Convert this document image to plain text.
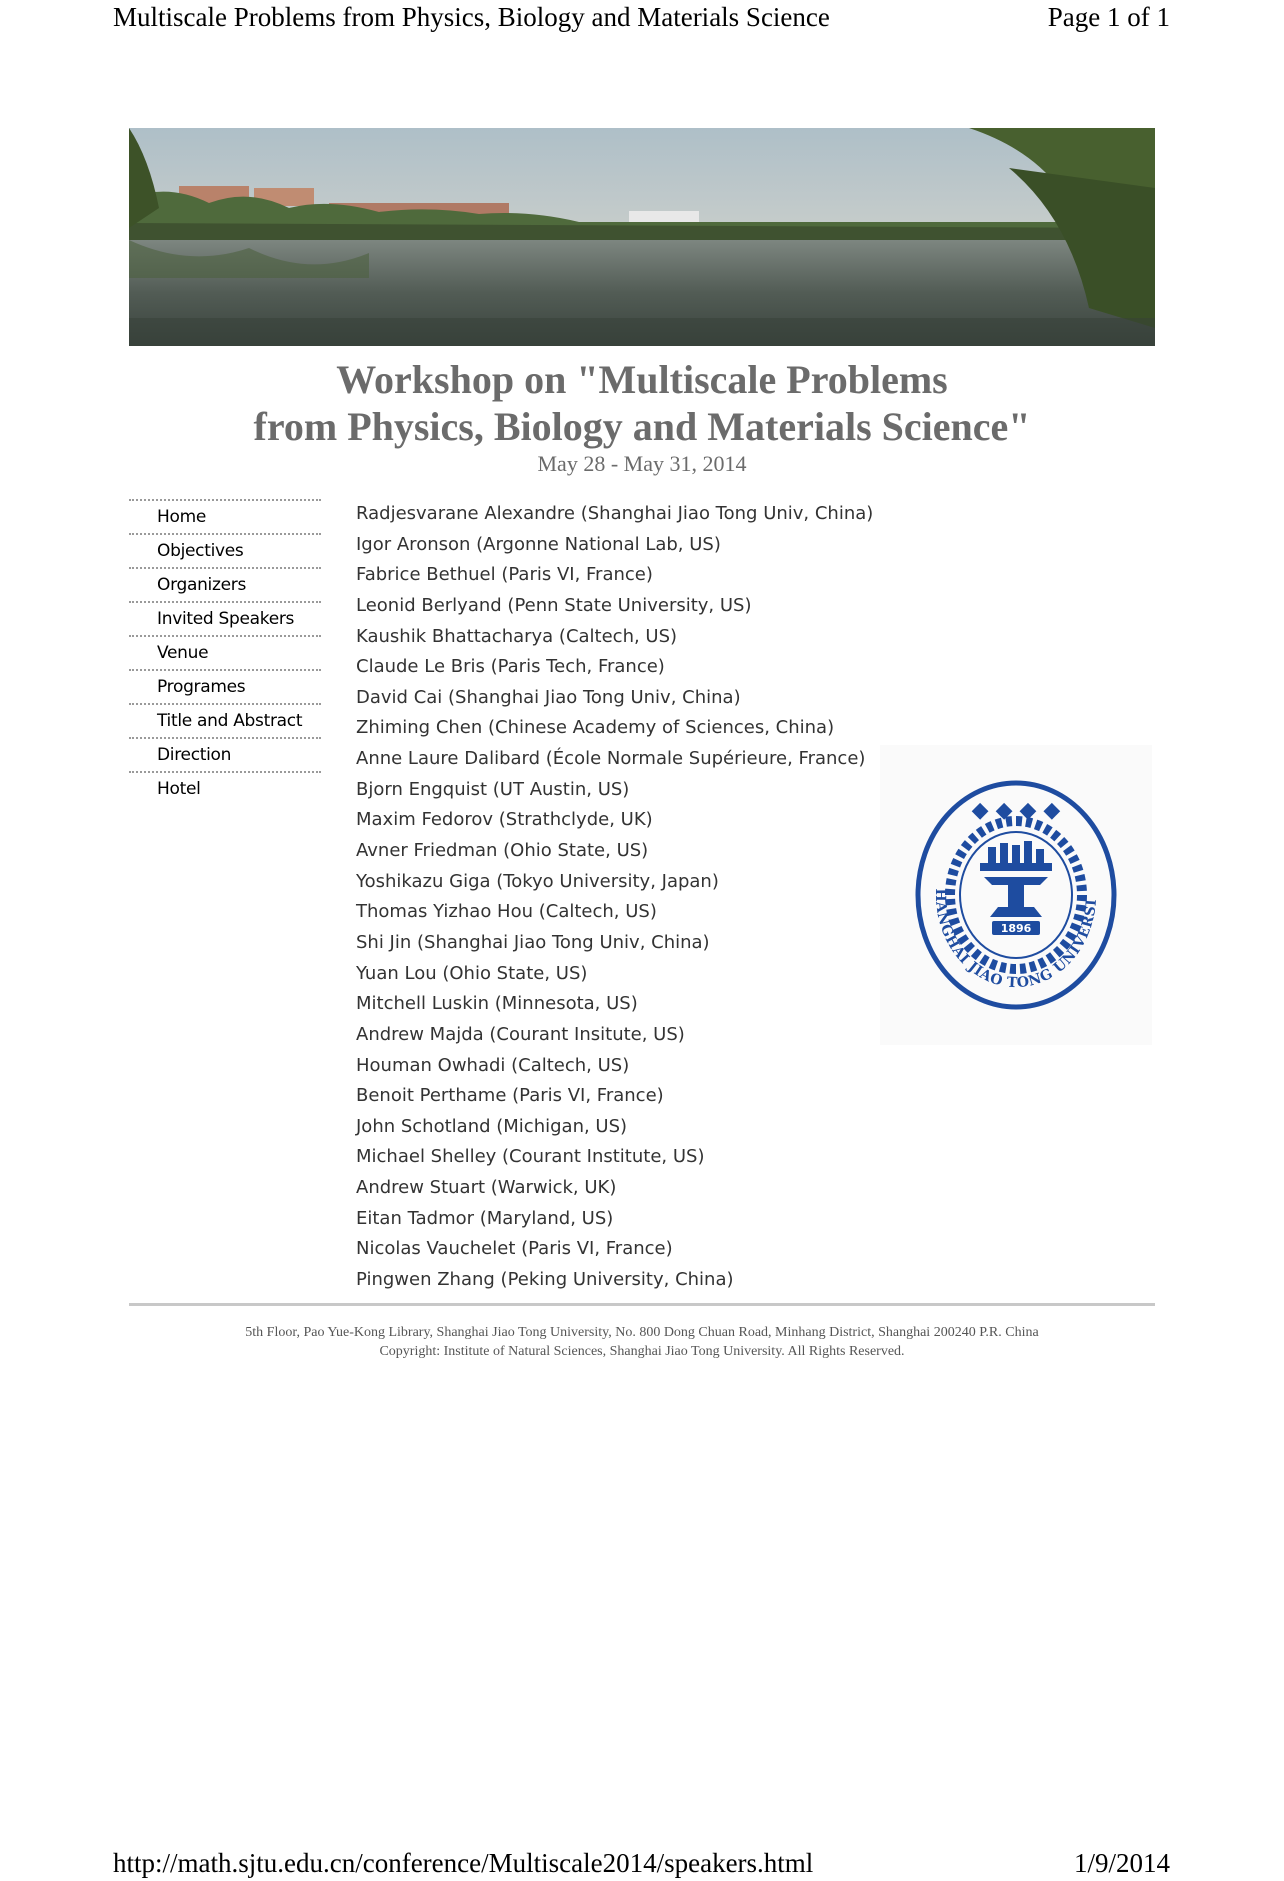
Multiscale Problems from Physics, Biology and Materials Science	Page 1 of 1
Workshop on "Multiscale Problems
from Physics, Biology and Materials Science"
May 28 - May 31, 2014
Home
Objectives
Organizers
Invited Speakers
Venue
Programes
Title and Abstract
Direction
Hotel
Radjesvarane Alexandre (Shanghai Jiao Tong Univ, China)
Igor Aronson (Argonne National Lab, US)
Fabrice Bethuel (Paris VI, France)
Leonid Berlyand (Penn State University, US)
Kaushik Bhattacharya (Caltech, US)
Claude Le Bris (Paris Tech, France)
David Cai (Shanghai Jiao Tong Univ, China)
Zhiming Chen (Chinese Academy of Sciences, China)
Anne Laure Dalibard (École Normale Supérieure, France)
Bjorn Engquist (UT Austin, US)
Maxim Fedorov (Strathclyde, UK)
Avner Friedman (Ohio State, US)
Yoshikazu Giga (Tokyo University, Japan)
Thomas Yizhao Hou (Caltech, US)
Shi Jin (Shanghai Jiao Tong Univ, China)
Yuan Lou (Ohio State, US)
Mitchell Luskin (Minnesota, US)
Andrew Majda (Courant Insitute, US)
Houman Owhadi (Caltech, US)
Benoit Perthame (Paris VI, France)
John Schotland (Michigan, US)
Michael Shelley (Courant Institute, US)
Andrew Stuart (Warwick, UK)
Eitan Tadmor (Maryland, US)
Nicolas Vauchelet (Paris VI, France)
Pingwen Zhang (Peking University, China)
◆ ◆ ◆ ◆
1896
HANGHAI JIAO TONG UNIVERSI
5th Floor, Pao Yue-Kong Library, Shanghai Jiao Tong University, No. 800 Dong Chuan Road, Minhang District, Shanghai 200240 P.R. China
Copyright: Institute of Natural Sciences, Shanghai Jiao Tong University. All Rights Reserved.
http://math.sjtu.edu.cn/conference/Multiscale2014/speakers.html	1/9/2014
